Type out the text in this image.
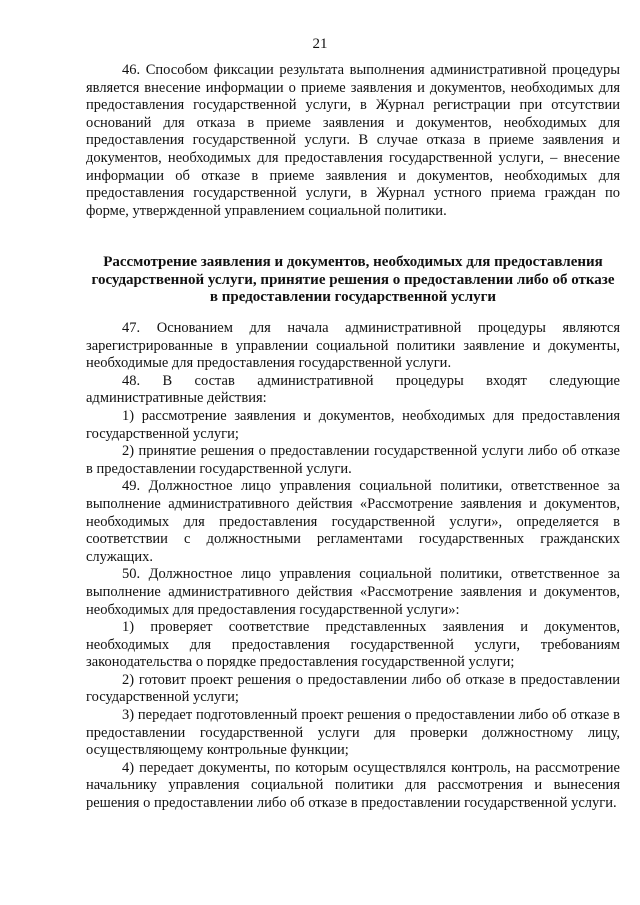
21

46. Способом фиксации результата выполнения административной процедуры является внесение информации о приеме заявления и документов, необходимых для предоставления государственной услуги, в Журнал регистрации при отсутствии оснований для отказа в приеме заявления и документов, необходимых для предоставления государственной услуги. В случае отказа в приеме заявления и документов, необходимых для предоставления государственной услуги, – внесение информации об отказе в приеме заявления и документов, необходимых для предоставления государственной услуги, в Журнал устного приема граждан по форме, утвержденной управлением социальной политики.

Рассмотрение заявления и документов, необходимых для предоставления государственной услуги, принятие решения о предоставлении либо об отказе в предоставлении государственной услуги

47. Основанием для начала административной процедуры являются зарегистрированные в управлении социальной политики заявление и документы, необходимые для предоставления государственной услуги.

48. В состав административной процедуры входят следующие административные действия:

1) рассмотрение заявления и документов, необходимых для предоставления государственной услуги;

2) принятие решения о предоставлении государственной услуги либо об отказе в предоставлении государственной услуги.

49. Должностное лицо управления социальной политики, ответственное за выполнение административного действия «Рассмотрение заявления и документов, необходимых для предоставления государственной услуги», определяется в соответствии с должностными регламентами государственных гражданских служащих.

50. Должностное лицо управления социальной политики, ответственное за выполнение административного действия «Рассмотрение заявления и документов, необходимых для предоставления государственной услуги»:

1) проверяет соответствие представленных заявления и документов, необходимых для предоставления государственной услуги, требованиям законодательства о порядке предоставления государственной услуги;

2) готовит проект решения о предоставлении либо об отказе в предоставлении государственной услуги;

3) передает подготовленный проект решения о предоставлении либо об отказе в предоставлении государственной услуги для проверки должностному лицу, осуществляющему контрольные функции;

4) передает документы, по которым осуществлялся контроль, на рассмотрение начальнику управления социальной политики для рассмотрения и вынесения решения о предоставлении либо об отказе в предоставлении государственной услуги.
